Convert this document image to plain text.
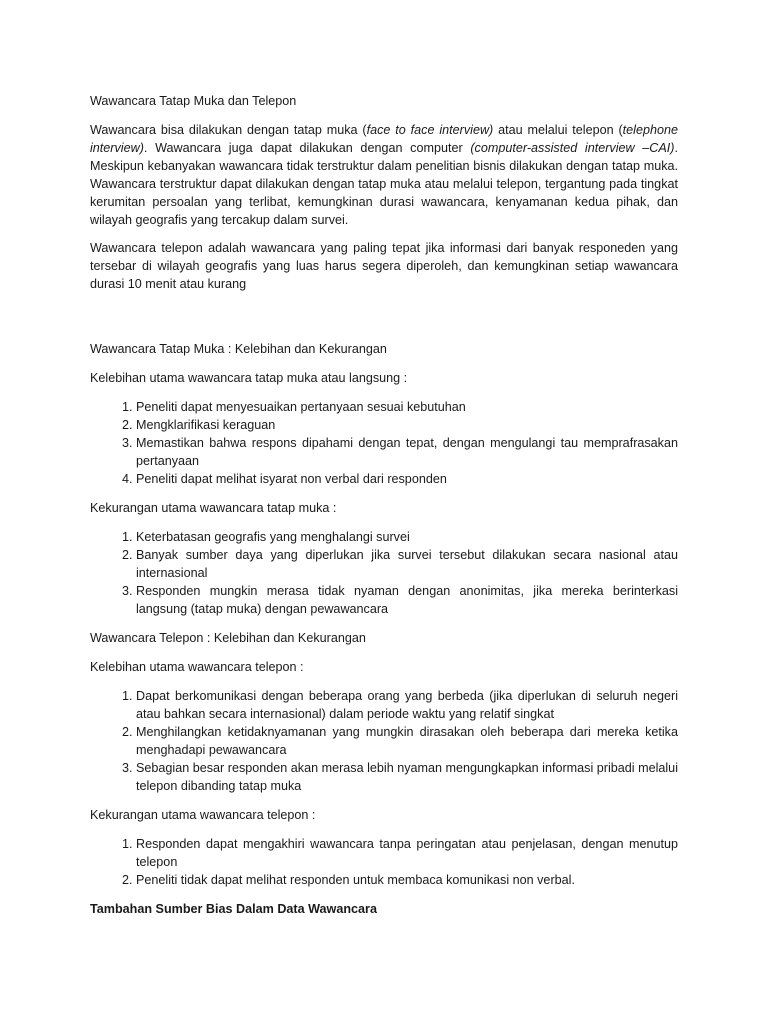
Wawancara Tatap Muka dan Telepon

Wawancara bisa dilakukan dengan tatap muka (face to face interview) atau melalui telepon (telephone interview). Wawancara juga dapat dilakukan dengan computer (computer-assisted interview –CAI). Meskipun kebanyakan wawancara tidak terstruktur dalam penelitian bisnis dilakukan dengan tatap muka. Wawancara terstruktur dapat dilakukan dengan tatap muka atau melalui telepon, tergantung pada tingkat kerumitan persoalan yang terlibat, kemungkinan durasi wawancara, kenyamanan kedua pihak, dan wilayah geografis yang tercakup dalam survei.

Wawancara telepon adalah wawancara yang paling tepat jika informasi dari banyak responeden yang tersebar di wilayah geografis yang luas harus segera diperoleh, dan kemungkinan setiap wawancara durasi 10 menit atau kurang

Wawancara Tatap Muka : Kelebihan dan Kekurangan

Kelebihan utama wawancara tatap muka atau langsung :

1. Peneliti dapat menyesuaikan pertanyaan sesuai kebutuhan
2. Mengklarifikasi keraguan
3. Memastikan bahwa respons dipahami dengan tepat, dengan mengulangi tau memprafrasakan pertanyaan
4. Peneliti dapat melihat isyarat non verbal dari responden

Kekurangan utama wawancara tatap muka :

1. Keterbatasan geografis yang menghalangi survei
2. Banyak sumber daya yang diperlukan jika survei tersebut dilakukan secara nasional atau internasional
3. Responden mungkin merasa tidak nyaman dengan anonimitas, jika mereka berinterkasi langsung (tatap muka) dengan pewawancara

Wawancara Telepon : Kelebihan dan Kekurangan

Kelebihan utama wawancara telepon :

1. Dapat berkomunikasi dengan beberapa orang yang berbeda (jika diperlukan di seluruh negeri atau bahkan secara internasional) dalam periode waktu yang relatif singkat
2. Menghilangkan ketidaknyamanan yang mungkin dirasakan oleh beberapa dari mereka ketika menghadapi pewawancara
3. Sebagian besar responden akan merasa lebih nyaman mengungkapkan informasi pribadi melalui telepon dibanding tatap muka

Kekurangan utama wawancara telepon :

1. Responden dapat mengakhiri wawancara tanpa peringatan atau penjelasan, dengan menutup telepon
2. Peneliti tidak dapat melihat responden untuk membaca komunikasi non verbal.

Tambahan Sumber Bias Dalam Data Wawancara
